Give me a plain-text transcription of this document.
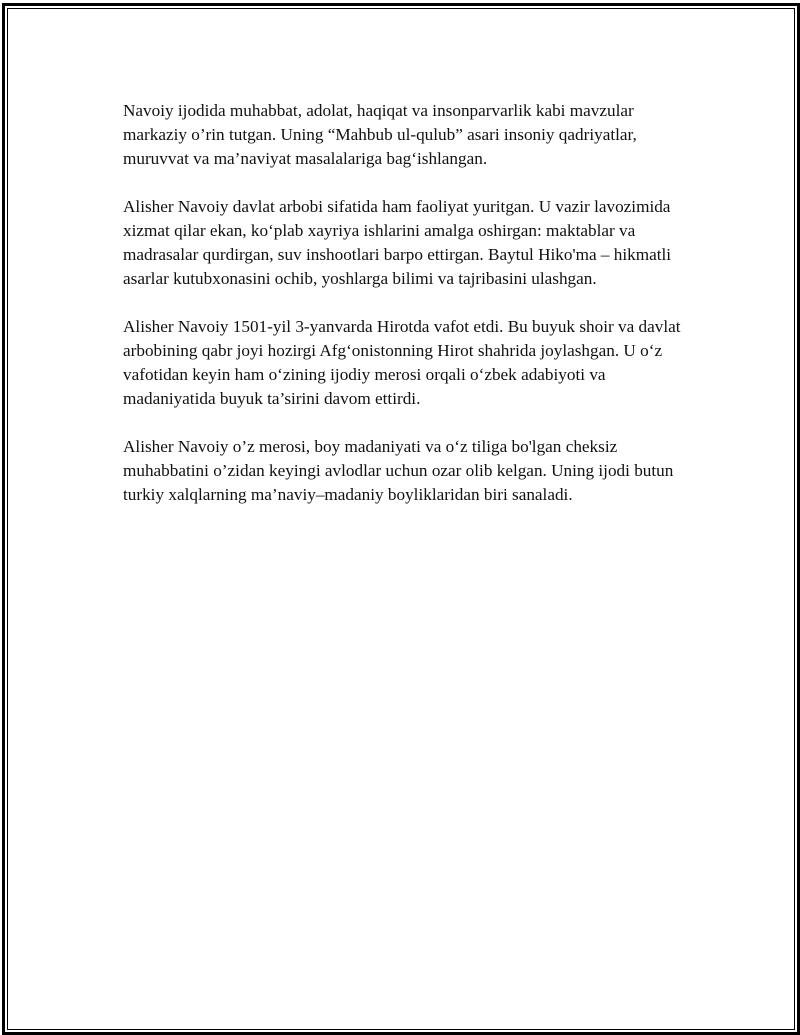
Navoiy ijodida muhabbat, adolat, haqiqat va insonparvarlik kabi mavzular markaziy o’rin tutgan. Uning “Mahbub ul-qulub” asari insoniy qadriyatlar, muruvvat va ma’naviyat masalalariga bag‘ishlangan.

Alisher Navoiy davlat arbobi sifatida ham faoliyat yuritgan. U vazir lavozimida xizmat qilar ekan, ko‘plab xayriya ishlarini amalga oshirgan: maktablar va madrasalar qurdirgan, suv inshootlari barpo ettirgan. Baytul Hiko'ma – hikmatli asarlar kutubxonasini ochib, yoshlarga bilimi va tajribasini ulashgan.

Alisher Navoiy 1501-yil 3-yanvarda Hirotda vafot etdi. Bu buyuk shoir va davlat arbobining qabr joyi hozirgi Afg‘onistonning Hirot shahrida joylashgan. U o‘z vafotidan keyin ham o‘zining ijodiy merosi orqali o‘zbek adabiyoti va madaniyatida buyuk ta’sirini davom ettirdi.

Alisher Navoiy o’z merosi, boy madaniyati va o‘z tiliga bo'lgan cheksiz muhabbatini o’zidan keyingi avlodlar uchun ozar olib kelgan. Uning ijodi butun turkiy xalqlarning ma’naviy–madaniy boyliklaridan biri sanaladi.
